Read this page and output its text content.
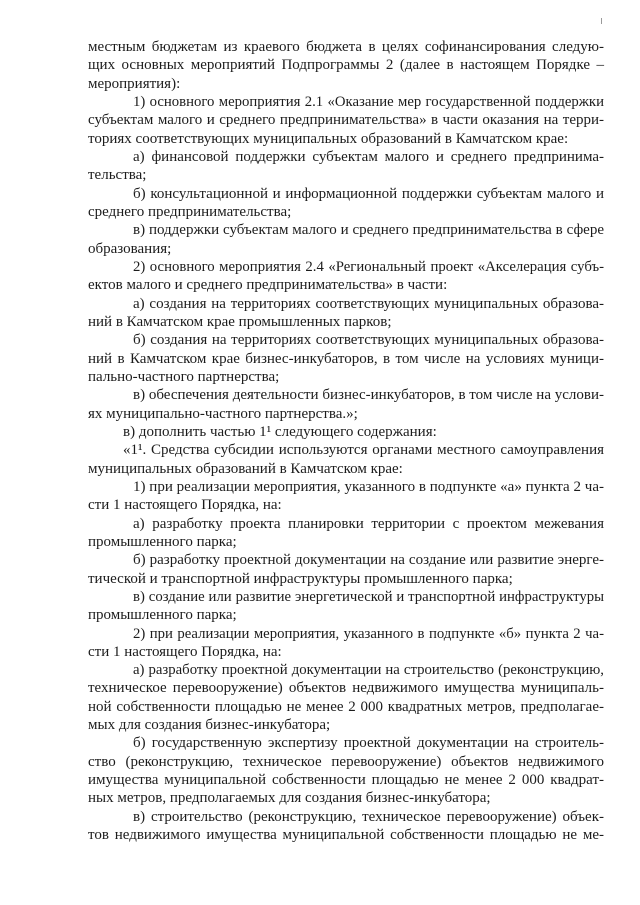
местным бюджетам из краевого бюджета в целях софинансирования следую-
щих основных мероприятий Подпрограммы 2 (далее в настоящем Порядке –
мероприятия):
1) основного мероприятия 2.1 «Оказание мер государственной поддержки
субъектам малого и среднего предпринимательства» в части оказания на терри-
ториях соответствующих муниципальных образований в Камчатском крае:
а) финансовой поддержки субъектам малого и среднего предпринима-
тельства;
б) консультационной и информационной поддержки субъектам малого и
среднего предпринимательства;
в) поддержки субъектам малого и среднего предпринимательства в сфере
образования;
2) основного мероприятия 2.4 «Региональный проект «Акселерация субъ-
ектов малого и среднего предпринимательства» в части:
а) создания на территориях соответствующих муниципальных образова-
ний в Камчатском крае промышленных парков;
б) создания на территориях соответствующих муниципальных образова-
ний в Камчатском крае бизнес-инкубаторов, в том числе на условиях муници-
пально-частного партнерства;
в) обеспечения деятельности бизнес-инкубаторов, в том числе на услови-
ях муниципально-частного партнерства.»;
в) дополнить частью 1¹ следующего содержания:
«1¹. Средства субсидии используются органами местного самоуправления
муниципальных образований в Камчатском крае:
1) при реализации мероприятия, указанного в подпункте «а» пункта 2 ча-
сти 1 настоящего Порядка, на:
а) разработку проекта планировки территории с проектом межевания
промышленного парка;
б) разработку проектной документации на создание или развитие энерге-
тической и транспортной инфраструктуры промышленного парка;
в) создание или развитие энергетической и транспортной инфраструктуры
промышленного парка;
2) при реализации мероприятия, указанного в подпункте «б» пункта 2 ча-
сти 1 настоящего Порядка, на:
а) разработку проектной документации на строительство (реконструкцию,
техническое перевооружение) объектов недвижимого имущества муниципаль-
ной собственности площадью не менее 2 000 квадратных метров, предполагае-
мых для создания бизнес-инкубатора;
б) государственную экспертизу проектной документации на строитель-
ство (реконструкцию, техническое перевооружение) объектов недвижимого
имущества муниципальной собственности площадью не менее 2 000 квадрат-
ных метров, предполагаемых для создания бизнес-инкубатора;
в) строительство (реконструкцию, техническое перевооружение) объек-
тов недвижимого имущества муниципальной собственности площадью не ме-
